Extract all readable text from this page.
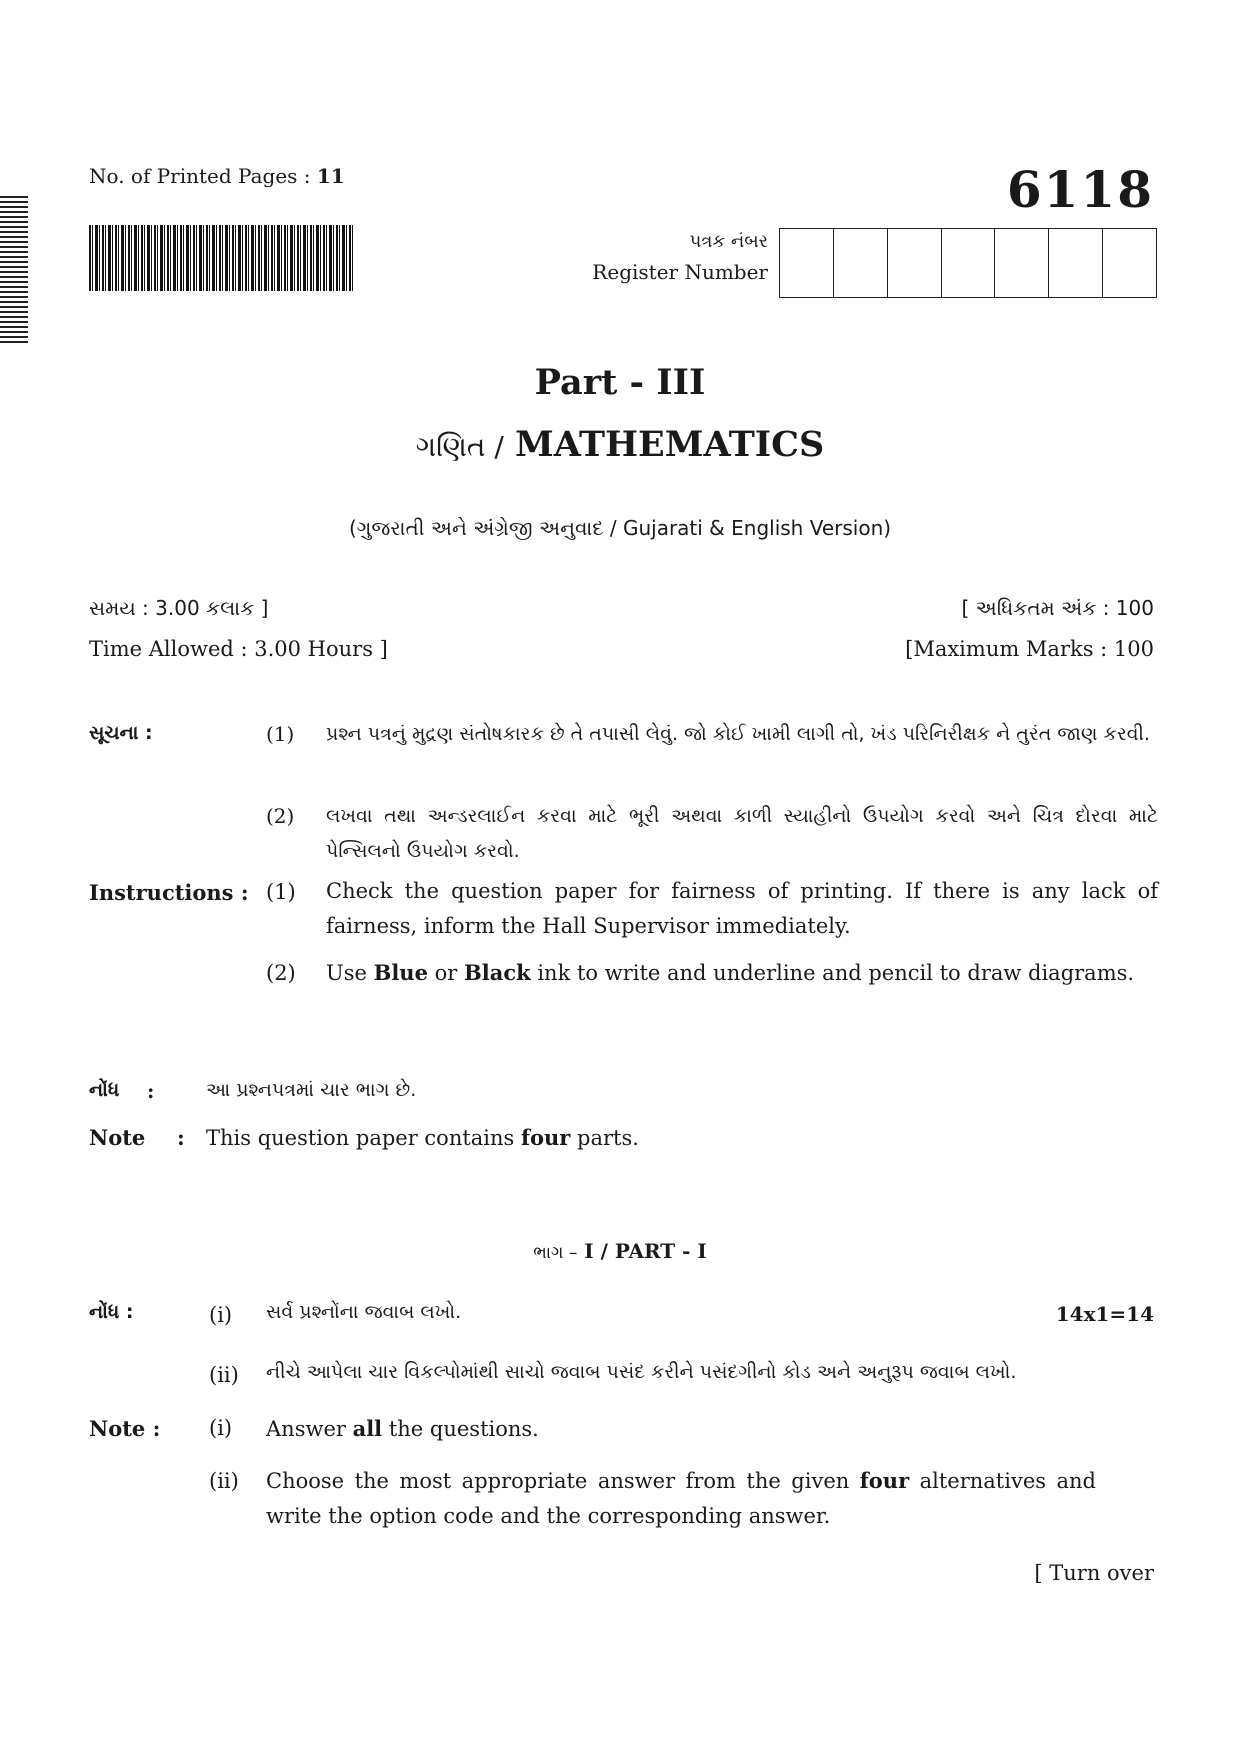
No. of Printed Pages : 11	6118
પત્રક નંબર
Register Number
Part - III
ગણિત / MATHEMATICS
(ગુજરાતી અને અંગ્રેજી અનુવાદ / Gujarati & English Version)
સમય : 3.00 કલાક ]	[ અધિકતમ અંક : 100
Time Allowed : 3.00 Hours ]	[Maximum Marks : 100
સૂચના :	(1) પ્રશ્ન પત્રનું મુદ્રણ સંતોષકારક છે તે તપાસી લેવું. જો કોઈ ખામી લાગી તો, ખંડ પરિનિરીક્ષક ને તુરંત જાણ કરવી.
(2) લખવા તથા અન્ડરલાઈન કરવા માટે ભૂરી અથવા કાળી સ્યાહીનો ઉપયોગ કરવો અને ચિત્ર દોરવા માટે પેન્સિલનો ઉપયોગ કરવો.
Instructions : (1) Check the question paper for fairness of printing. If there is any lack of fairness, inform the Hall Supervisor immediately.
(2) Use Blue or Black ink to write and underline and pencil to draw diagrams.
નોંધ :	આ પ્રશ્નપત્રમાં ચાર ભાગ છે.
Note : This question paper contains four parts.
ભાગ – I / PART - I
નોંધ :	(i) સર્વ પ્રશ્નોંના જવાબ લખો.	14x1=14
(ii) નીચે આપેલા ચાર વિકલ્પોમાંથી સાચો જવાબ પસંદ કરીને પસંદગીનો કોડ અને અનુરૂપ જવાબ લખો.
Note : (i) Answer all the questions.
(ii) Choose the most appropriate answer from the given four alternatives and write the option code and the corresponding answer.
[ Turn over
